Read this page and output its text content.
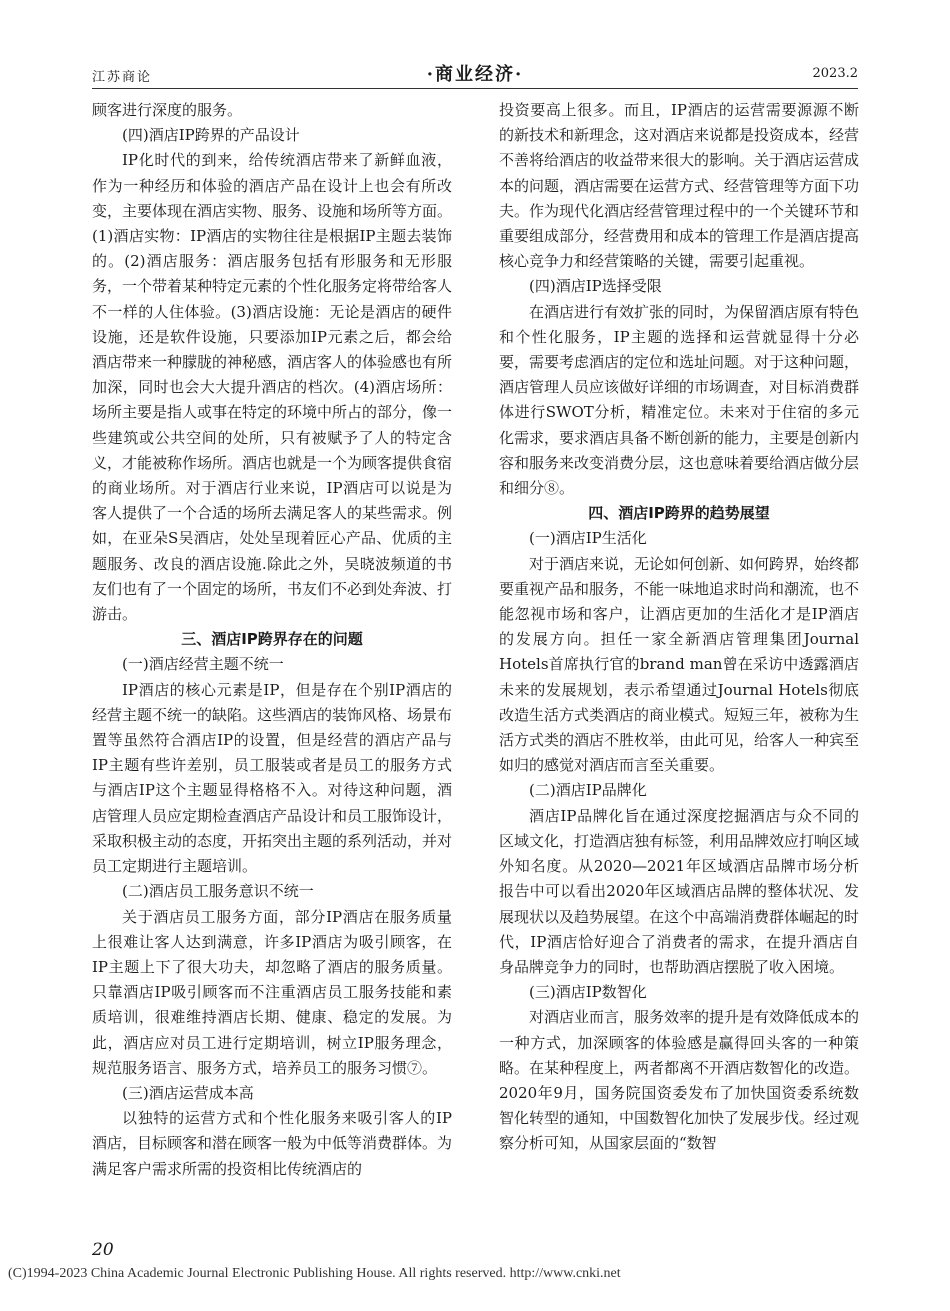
江苏商论	·商业经济·	2023.2

顾客进行深度的服务。

(四)酒店IP跨界的产品设计

IP化时代的到来，给传统酒店带来了新鲜血液，作为一种经历和体验的酒店产品在设计上也会有所改变，主要体现在酒店实物、服务、设施和场所等方面。(1)酒店实物：IP酒店的实物往往是根据IP主题去装饰的。(2)酒店服务：酒店服务包括有形服务和无形服务，一个带着某种特定元素的个性化服务定将带给客人不一样的人住体验。(3)酒店设施：无论是酒店的硬件设施，还是软件设施，只要添加IP元素之后，都会给酒店带来一种朦胧的神秘感，酒店客人的体验感也有所加深，同时也会大大提升酒店的档次。(4)酒店场所：场所主要是指人或事在特定的环境中所占的部分，像一些建筑或公共空间的处所，只有被赋予了人的特定含义，才能被称作场所。酒店也就是一个为顾客提供食宿的商业场所。对于酒店行业来说，IP酒店可以说是为客人提供了一个合适的场所去满足客人的某些需求。例如，在亚朵S吴酒店，处处呈现着匠心产品、优质的主题服务、改良的酒店设施.除此之外，吴晓波频道的书友们也有了一个固定的场所，书友们不必到处奔波、打游击。

三、酒店IP跨界存在的问题

(一)酒店经营主题不统一

IP酒店的核心元素是IP，但是存在个别IP酒店的经营主题不统一的缺陷。这些酒店的装饰风格、场景布置等虽然符合酒店IP的设置，但是经营的酒店产品与IP主题有些许差别，员工服装或者是员工的服务方式与酒店IP这个主题显得格格不入。对待这种问题，酒店管理人员应定期检查酒店产品设计和员工服饰设计，采取积极主动的态度，开拓突出主题的系列活动，并对员工定期进行主题培训。

(二)酒店员工服务意识不统一

关于酒店员工服务方面，部分IP酒店在服务质量上很难让客人达到满意，许多IP酒店为吸引顾客，在IP主题上下了很大功夫，却忽略了酒店的服务质量。只靠酒店IP吸引顾客而不注重酒店员工服务技能和素质培训，很难维持酒店长期、健康、稳定的发展。为此，酒店应对员工进行定期培训，树立IP服务理念，规范服务语言、服务方式，培养员工的服务习惯⑦。

(三)酒店运营成本高

以独特的运营方式和个性化服务来吸引客人的IP酒店，目标顾客和潜在顾客一般为中低等消费群体。为满足客户需求所需的投资相比传统酒店的

投资要高上很多。而且，IP酒店的运营需要源源不断的新技术和新理念，这对酒店来说都是投资成本，经营不善将给酒店的收益带来很大的影响。关于酒店运营成本的问题，酒店需要在运营方式、经营管理等方面下功夫。作为现代化酒店经营管理过程中的一个关键环节和重要组成部分，经营费用和成本的管理工作是酒店提高核心竞争力和经营策略的关键，需要引起重视。

(四)酒店IP选择受限

在酒店进行有效扩张的同时，为保留酒店原有特色和个性化服务，IP主题的选择和运营就显得十分必要，需要考虑酒店的定位和选址问题。对于这种问题，酒店管理人员应该做好详细的市场调查，对目标消费群体进行SWOT分析，精准定位。未来对于住宿的多元化需求，要求酒店具备不断创新的能力，主要是创新内容和服务来改变消费分层，这也意味着要给酒店做分层和细分⑧。

四、酒店IP跨界的趋势展望

(一)酒店IP生活化

对于酒店来说，无论如何创新、如何跨界，始终都要重视产品和服务，不能一味地追求时尚和潮流，也不能忽视市场和客户，让酒店更加的生活化才是IP酒店的发展方向。担任一家全新酒店管理集团Journal Hotels首席执行官的brand man曾在采访中透露酒店未来的发展规划，表示希望通过Journal Hotels彻底改造生活方式类酒店的商业模式。短短三年，被称为生活方式类的酒店不胜枚举，由此可见，给客人一种宾至如归的感觉对酒店而言至关重要。

(二)酒店IP品牌化

酒店IP品牌化旨在通过深度挖掘酒店与众不同的区域文化，打造酒店独有标签，利用品牌效应打响区域外知名度。从2020—2021年区域酒店品牌市场分析报告中可以看出2020年区域酒店品牌的整体状况、发展现状以及趋势展望。在这个中高端消费群体崛起的时代，IP酒店恰好迎合了消费者的需求，在提升酒店自身品牌竞争力的同时，也帮助酒店摆脱了收入困境。

(三)酒店IP数智化

对酒店业而言，服务效率的提升是有效降低成本的一种方式，加深顾客的体验感是赢得回头客的一种策略。在某种程度上，两者都离不开酒店数智化的改造。2020年9月，国务院国资委发布了加快国资委系统数智化转型的通知，中国数智化加快了发展步伐。经过观察分析可知，从国家层面的“数智

20
(C)1994-2023 China Academic Journal Electronic Publishing House. All rights reserved. http://www.cnki.net
